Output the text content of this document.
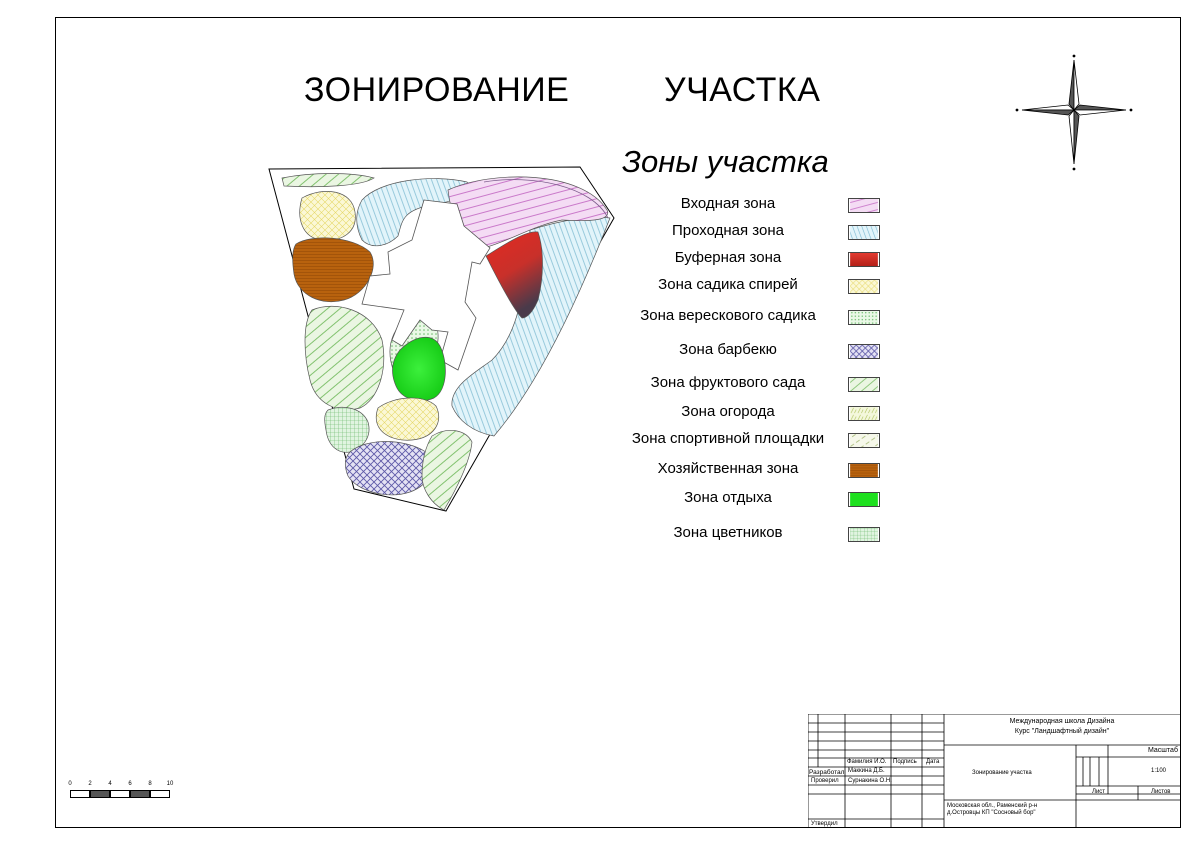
ЗОНИРОВАНИЕ	УЧАСТКА
Зоны участка
Входная зона
Проходная зона
Буферная зона
Зона садика спирей
Зона верескового садика
Зона барбекю
Зона фруктового сада
Зона огорода
Зона спортивной площадки
Хозяйственная зона
Зона отдыха
Зона цветников
0	2	4	6	8 10
Международная школа Дизайна
Курс "Ландшафтный дизайн"
Фамилия И.О. Подпись Дата
Разработал Маккина Д.Б.
Проверил Сурнакина О.Н.
Утвердил
Зонирование участка
Московская обл., Раменский р-н
д.Островцы КП "Сосновый бор"
Масштаб
1:100
Лист	Листов
